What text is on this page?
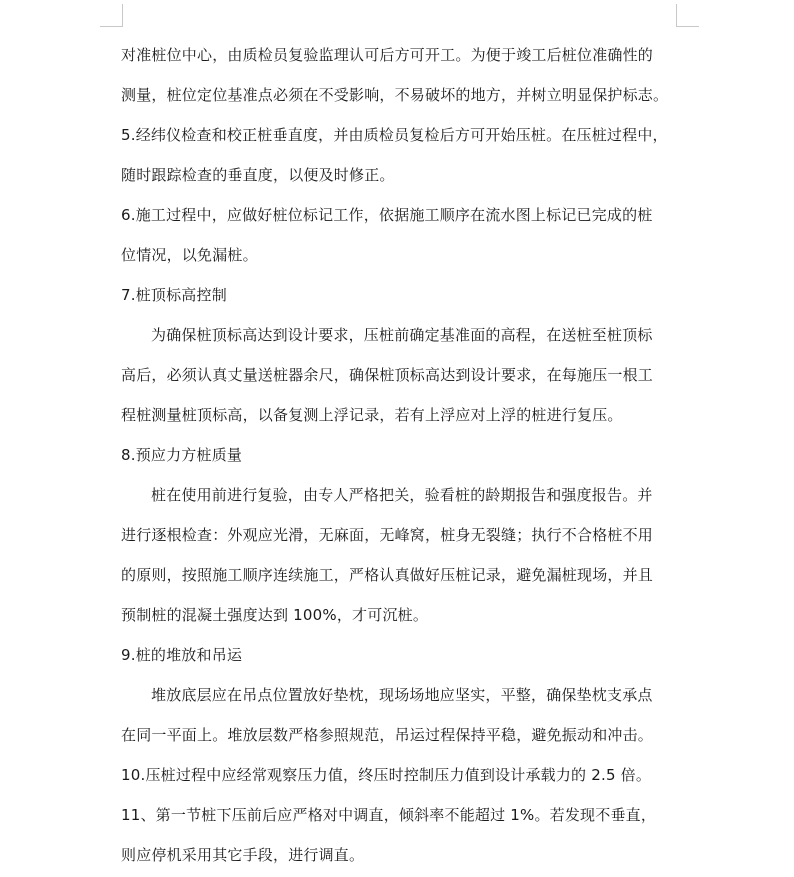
对准桩位中心，由质检员复验监理认可后方可开工。为便于竣工后桩位准确性的

测量，桩位定位基准点必须在不受影响，不易破坏的地方，并树立明显保护标志。

5.经纬仪检查和校正桩垂直度，并由质检员复检后方可开始压桩。在压桩过程中，

随时跟踪检查的垂直度，以便及时修正。

6.施工过程中，应做好桩位标记工作，依据施工顺序在流水图上标记已完成的桩

位情况，以免漏桩。

7.桩顶标高控制

为确保桩顶标高达到设计要求，压桩前确定基准面的高程，在送桩至桩顶标

高后，必须认真丈量送桩器余尺，确保桩顶标高达到设计要求，在每施压一根工

程桩测量桩顶标高，以备复测上浮记录，若有上浮应对上浮的桩进行复压。

8.预应力方桩质量

桩在使用前进行复验，由专人严格把关，验看桩的龄期报告和强度报告。并

进行逐根检查：外观应光滑，无麻面，无峰窝，桩身无裂缝；执行不合格桩不用

的原则，按照施工顺序连续施工，严格认真做好压桩记录，避免漏桩现场，并且

预制桩的混凝土强度达到 100%，才可沉桩。

9.桩的堆放和吊运

堆放底层应在吊点位置放好垫枕，现场场地应坚实，平整，确保垫枕支承点

在同一平面上。堆放层数严格参照规范，吊运过程保持平稳，避免振动和冲击。

10.压桩过程中应经常观察压力值，终压时控制压力值到设计承载力的 2.5 倍。

11、第一节桩下压前后应严格对中调直，倾斜率不能超过 1%。若发现不垂直，

则应停机采用其它手段，进行调直。
